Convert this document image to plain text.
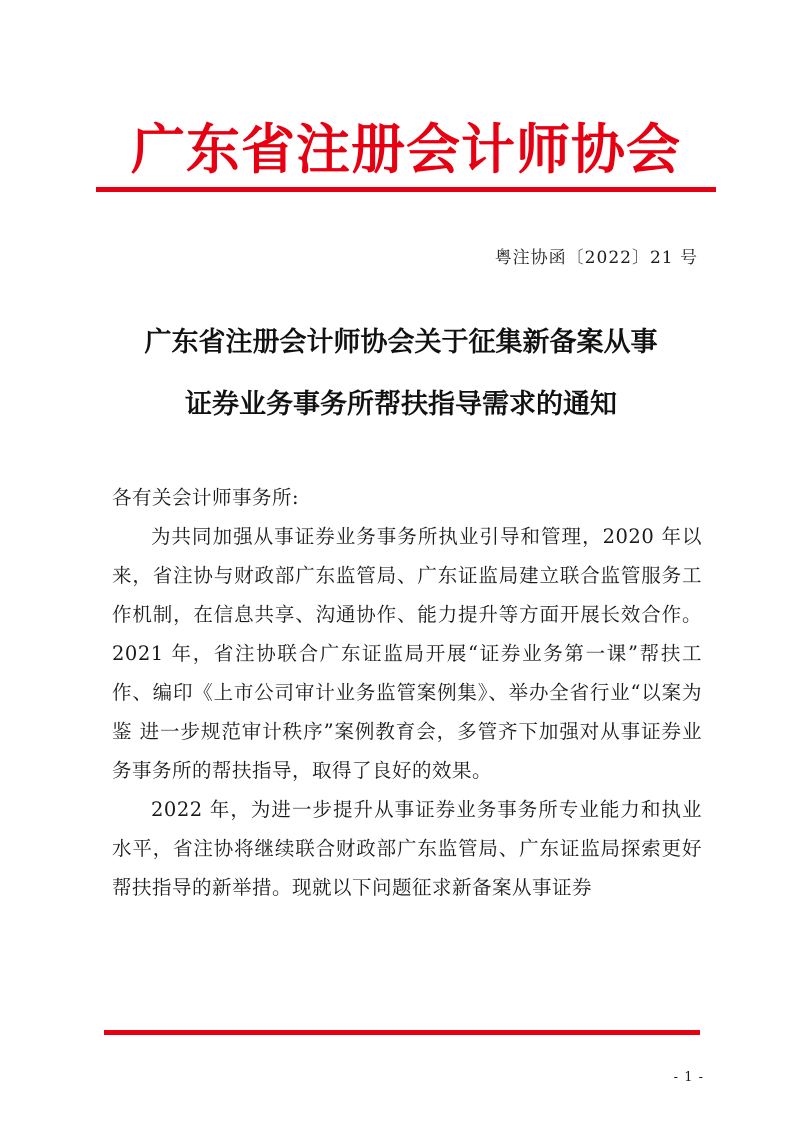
广东省注册会计师协会
粤注协函〔2022〕21 号
广东省注册会计师协会关于征集新备案从事
证券业务事务所帮扶指导需求的通知

各有关会计师事务所:

为共同加强从事证券业务事务所执业引导和管理，2020 年以来，省注协与财政部广东监管局、广东证监局建立联合监管服务工作机制，在信息共享、沟通协作、能力提升等方面开展长效合作。2021 年，省注协联合广东证监局开展“证券业务第一课”帮扶工作、编印《上市公司审计业务监管案例集》、举办全省行业“以案为鉴 进一步规范审计秩序”案例教育会，多管齐下加强对从事证券业务事务所的帮扶指导，取得了良好的效果。

2022 年，为进一步提升从事证券业务事务所专业能力和执业水平，省注协将继续联合财政部广东监管局、广东证监局探索更好帮扶指导的新举措。现就以下问题征求新备案从事证券

- 1 -
